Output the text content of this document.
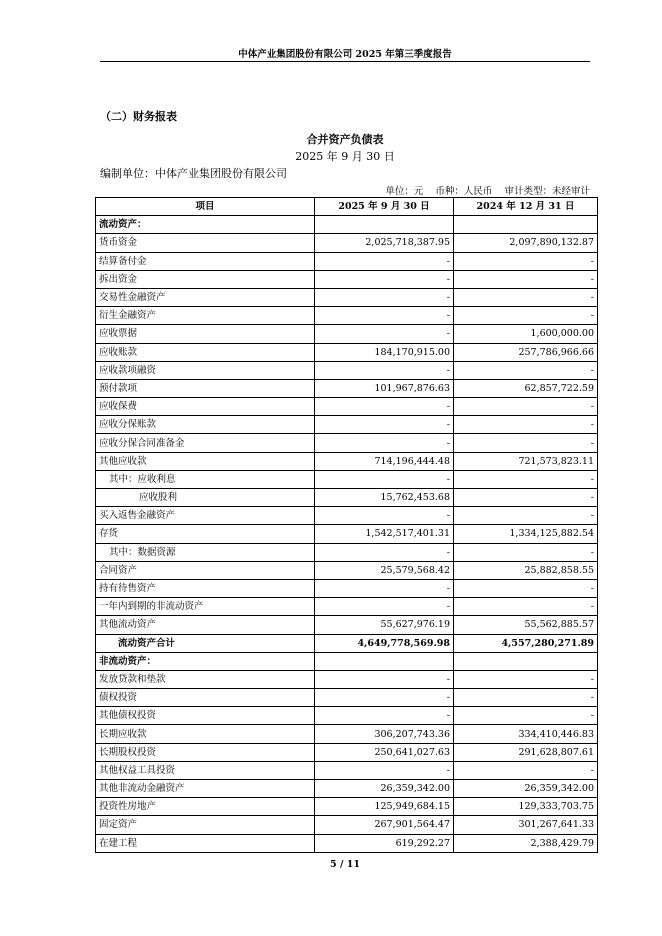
中体产业集团股份有限公司 2025 年第三季度报告
（二）财务报表
合并资产负债表
2025 年 9 月 30 日
编制单位：中体产业集团股份有限公司
单位：元    币种：人民币    审计类型：未经审计
项目	2025 年 9 月 30 日	2024 年 12 月 31 日
流动资产：		
货币资金	2,025,718,387.95	2,097,890,132.87
结算备付金	-	-
拆出资金	-	-
交易性金融资产	-	-
衍生金融资产	-	-
应收票据	-	1,600,000.00
应收账款	184,170,915.00	257,786,966.66
应收款项融资	-	-
预付款项	101,967,876.63	62,857,722.59
应收保费	-	-
应收分保账款	-	-
应收分保合同准备金	-	-
其他应收款	714,196,444.48	721,573,823.11
其中：应收利息	-	-
应收股利	15,762,453.68	-
买入返售金融资产	-	-
存货	1,542,517,401.31	1,334,125,882.54
其中：数据资源	-	-
合同资产	25,579,568.42	25,882,858.55
持有待售资产	-	-
一年内到期的非流动资产	-	-
其他流动资产	55,627,976.19	55,562,885.57
流动资产合计	4,649,778,569.98	4,557,280,271.89
非流动资产：		
发放贷款和垫款	-	-
债权投资	-	-
其他债权投资	-	-
长期应收款	306,207,743.36	334,410,446.83
长期股权投资	250,641,027.63	291,628,807.61
其他权益工具投资	-	-
其他非流动金融资产	26,359,342.00	26,359,342.00
投资性房地产	125,949,684.15	129,333,703.75
固定资产	267,901,564.47	301,267,641.33
在建工程	619,292.27	2,388,429.79
5 / 11
